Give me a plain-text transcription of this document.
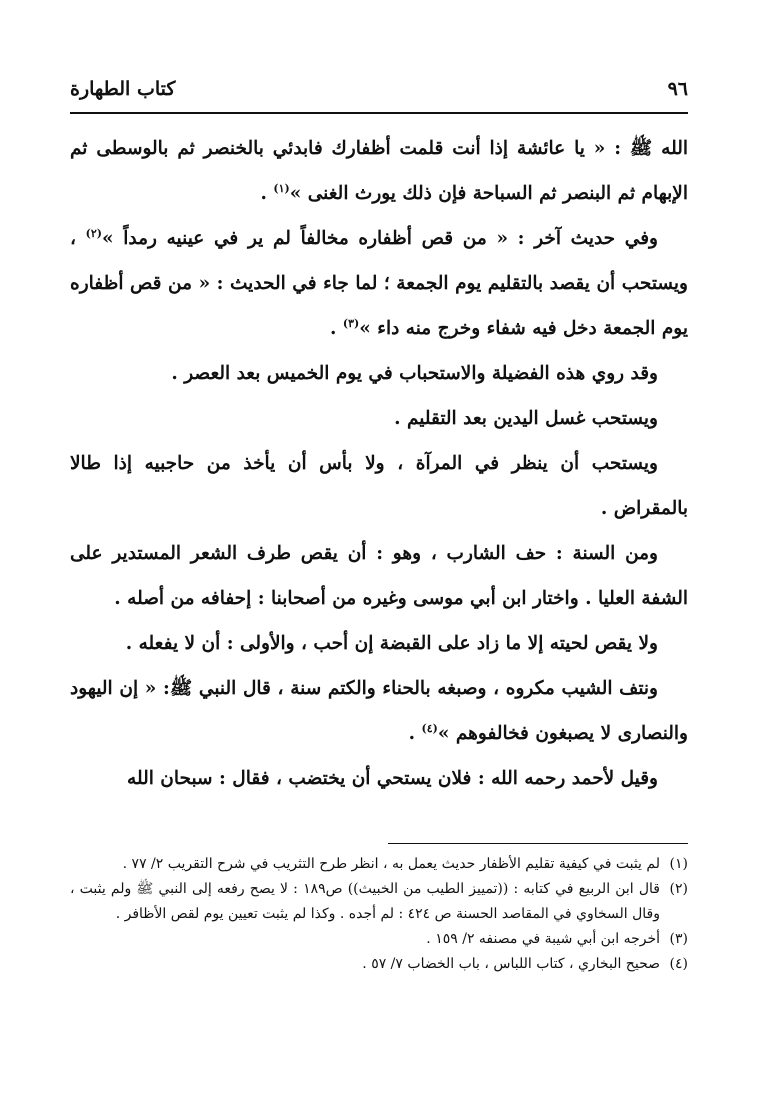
٩٦
كتاب الطهارة

الله ﷺ : « يا عائشة إذا أنت قلمت أظفارك فابدئي بالخنصر ثم بالوسطى ثم الإبهام ثم البنصر ثم السباحة فإن ذلك يورث الغنى »$^{(١)}$ .

وفي حديث آخر : « من قص أظفاره مخالفاً لم ير في عينيه رمداً »$^{(٢)}$ ، ويستحب أن يقصد بالتقليم يوم الجمعة ؛ لما جاء في الحديث : « من قص أظفاره يوم الجمعة دخل فيه شفاء وخرج منه داء »$^{(٣)}$ .

وقد روي هذه الفضيلة والاستحباب في يوم الخميس بعد العصر .

ويستحب غسل اليدين بعد التقليم .

ويستحب أن ينظر في المرآة ، ولا بأس أن يأخذ من حاجبيه إذا طالا بالمقراض .

ومن السنة : حف الشارب ، وهو : أن يقص طرف الشعر المستدير على الشفة العليا . واختار ابن أبي موسى وغيره من أصحابنا : إحفافه من أصله .

ولا يقص لحيته إلا ما زاد على القبضة إن أحب ، والأولى : أن لا يفعله .

ونتف الشيب مكروه ، وصبغه بالحناء والكتم سنة ، قال النبي ﷺ: « إن اليهود والنصارى لا يصبغون فخالفوهم »$^{(٤)}$ .

وقيل لأحمد رحمه الله : فلان يستحي أن يختضب ، فقال : سبحان الله

(١)لم يثبت في كيفية تقليم الأظفار حديث يعمل به ، انظر طرح التثريب في شرح التقريب ٢/ ٧٧ .

(٢)قال ابن الربيع في كتابه : ((تمييز الطيب من الخبيث)) ص١٨٩ : لا يصح رفعه إلى النبي ﷺ ولم يثبت ، وقال السخاوي في المقاصد الحسنة ص ٤٢٤ : لم أجده . وكذا لم يثبت تعيين يوم لقص الأظافر .

(٣)أخرجه ابن أبي شيبة في مصنفه ٢/ ١٥٩ .

(٤)صحيح البخاري ، كتاب اللباس ، باب الخضاب ٧/ ٥٧ .
